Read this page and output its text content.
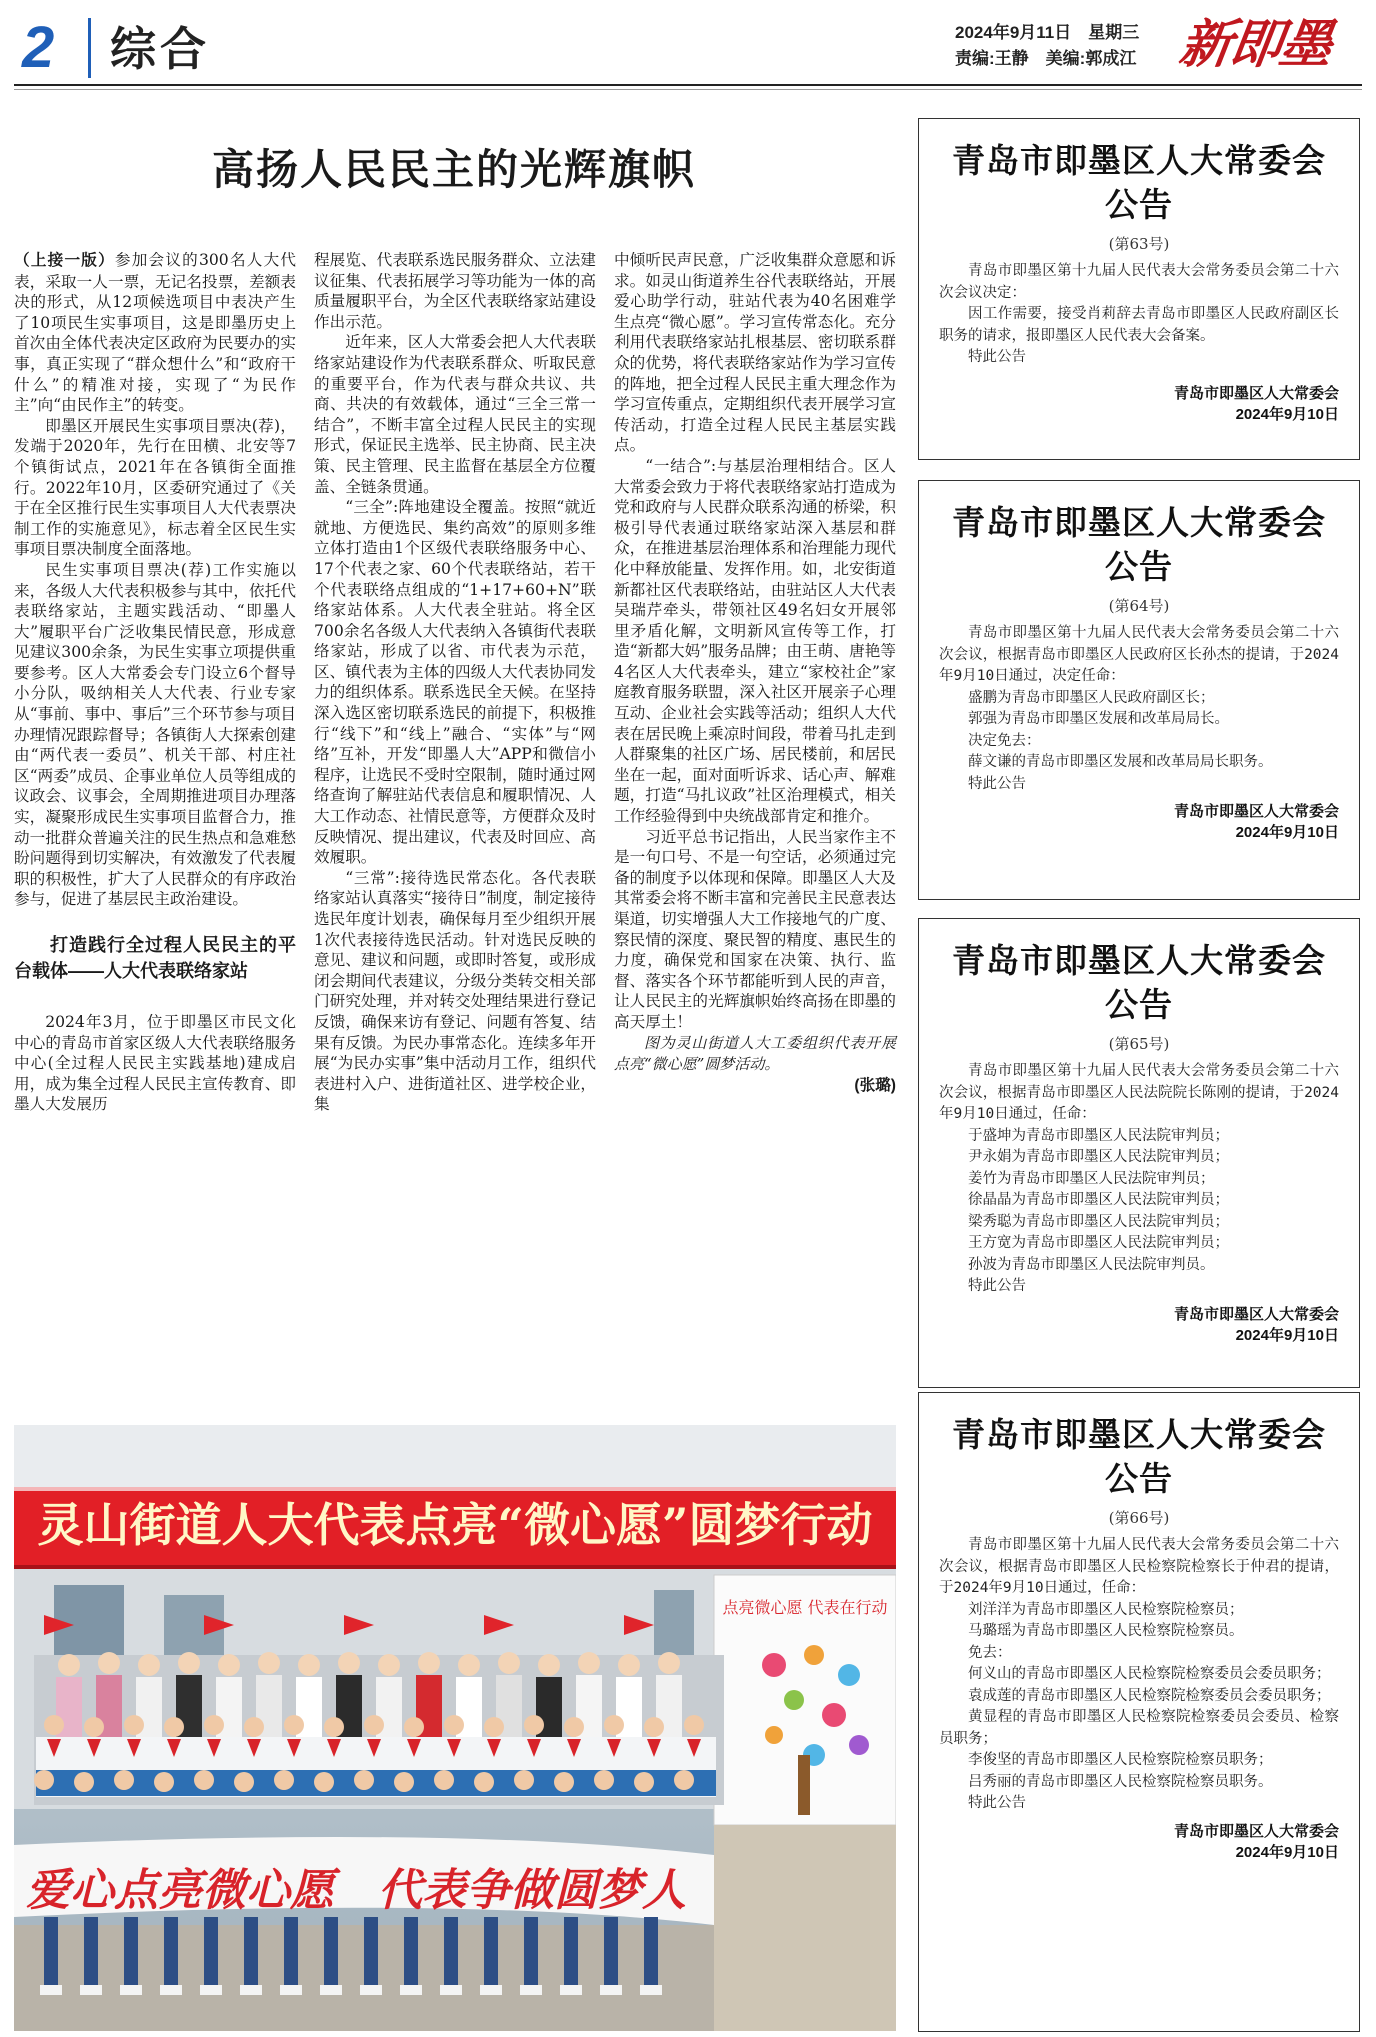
2 综合	2024年9月11日　星期三
责编:王静　美编:郭成江 新即墨
高扬人民民主的光辉旗帜

（上接一版）参加会议的300名人大代表，采取一人一票，无记名投票，差额表决的形式，从12项候选项目中表决产生了10项民生实事项目，这是即墨历史上首次由全体代表决定区政府为民要办的实事，真正实现了“群众想什么”和“政府干什么”的精准对接，实现了“为民作主”向“由民作主”的转变。

即墨区开展民生实事项目票决(荐)，发端于2020年，先行在田横、北安等7个镇街试点，2021年在各镇街全面推行。2022年10月，区委研究通过了《关于在全区推行民生实事项目人大代表票决制工作的实施意见》，标志着全区民生实事项目票决制度全面落地。

民生实事项目票决(荐)工作实施以来，各级人大代表积极参与其中，依托代表联络家站，主题实践活动、“即墨人大”履职平台广泛收集民情民意，形成意见建议300余条，为民生实事立项提供重要参考。区人大常委会专门设立6个督导小分队，吸纳相关人大代表、行业专家从“事前、事中、事后”三个环节参与项目办理情况跟踪督导；各镇街人大探索创建由“两代表一委员”、机关干部、村庄社区“两委”成员、企事业单位人员等组成的议政会、议事会，全周期推进项目办理落实，凝聚形成民生实事项目监督合力，推动一批群众普遍关注的民生热点和急难愁盼问题得到切实解决，有效激发了代表履职的积极性，扩大了人民群众的有序政治参与，促进了基层民主政治建设。

打造践行全过程人民民主的平台载体——人大代表联络家站

2024年3月，位于即墨区市民文化中心的青岛市首家区级人大代表联络服务中心(全过程人民民主实践基地)建成启用，成为集全过程人民民主宣传教育、即墨人大发展历

程展览、代表联系选民服务群众、立法建议征集、代表拓展学习等功能为一体的高质量履职平台，为全区代表联络家站建设作出示范。

近年来，区人大常委会把人大代表联络家站建设作为代表联系群众、听取民意的重要平台，作为代表与群众共议、共商、共决的有效载体，通过“三全三常一结合”，不断丰富全过程人民民主的实现形式，保证民主选举、民主协商、民主决策、民主管理、民主监督在基层全方位覆盖、全链条贯通。

“三全”:阵地建设全覆盖。按照“就近就地、方便选民、集约高效”的原则多维立体打造由1个区级代表联络服务中心、17个代表之家、60个代表联络站，若干个代表联络点组成的“1+17+60+N”联络家站体系。人大代表全驻站。将全区700余名各级人大代表纳入各镇街代表联络家站，形成了以省、市代表为示范，区、镇代表为主体的四级人大代表协同发力的组织体系。联系选民全天候。在坚持深入选区密切联系选民的前提下，积极推行“线下”和“线上”融合、“实体”与“网络”互补，开发“即墨人大”APP和微信小程序，让选民不受时空限制，随时通过网络查询了解驻站代表信息和履职情况、人大工作动态、社情民意等，方便群众及时反映情况、提出建议，代表及时回应、高效履职。

“三常”:接待选民常态化。各代表联络家站认真落实“接待日”制度，制定接待选民年度计划表，确保每月至少组织开展1次代表接待选民活动。针对选民反映的意见、建议和问题，或即时答复，或形成闭会期间代表建议，分级分类转交相关部门研究处理，并对转交处理结果进行登记反馈，确保来访有登记、问题有答复、结果有反馈。为民办事常态化。连续多年开展“为民办实事”集中活动月工作，组织代表进村入户、进街道社区、进学校企业，集

中倾听民声民意，广泛收集群众意愿和诉求。如灵山街道养生谷代表联络站，开展爱心助学行动，驻站代表为40名困难学生点亮“微心愿”。学习宣传常态化。充分利用代表联络家站扎根基层、密切联系群众的优势，将代表联络家站作为学习宣传的阵地，把全过程人民民主重大理念作为学习宣传重点，定期组织代表开展学习宣传活动，打造全过程人民民主基层实践点。

“一结合”:与基层治理相结合。区人大常委会致力于将代表联络家站打造成为党和政府与人民群众联系沟通的桥梁，积极引导代表通过联络家站深入基层和群众，在推进基层治理体系和治理能力现代化中释放能量、发挥作用。如，北安街道新都社区代表联络站，由驻站区人大代表吴瑞芹牵头，带领社区49名妇女开展邻里矛盾化解，文明新风宣传等工作，打造“新都大妈”服务品牌；由王萌、唐艳等4名区人大代表牵头，建立“家校社企”家庭教育服务联盟，深入社区开展亲子心理互动、企业社会实践等活动；组织人大代表在居民晚上乘凉时间段，带着马扎走到人群聚集的社区广场、居民楼前，和居民坐在一起，面对面听诉求、话心声、解难题，打造“马扎议政”社区治理模式，相关工作经验得到中央统战部肯定和推介。

习近平总书记指出，人民当家作主不是一句口号、不是一句空话，必须通过完备的制度予以体现和保障。即墨区人大及其常委会将不断丰富和完善民主民意表达渠道，切实增强人大工作接地气的广度、察民情的深度、聚民智的精度、惠民生的力度，确保党和国家在决策、执行、监督、落实各个环节都能听到人民的声音，让人民民主的光辉旗帜始终高扬在即墨的高天厚土！

图为灵山街道人大工委组织代表开展点亮“微心愿”圆梦活动。

(张璐)
灵山街道人大代表点亮“微心愿”圆梦行动
点亮微心愿 代表在行动
爱心点亮微心愿　代表争做圆梦人
青岛市即墨区人大常委会公告
(第63号)

青岛市即墨区第十九届人民代表大会常务委员会第二十六次会议决定：

因工作需要，接受肖莉辞去青岛市即墨区人民政府副区长职务的请求，报即墨区人民代表大会备案。

特此公告

青岛市即墨区人大常委会
2024年9月10日
青岛市即墨区人大常委会公告
(第64号)

青岛市即墨区第十九届人民代表大会常务委员会第二十六次会议，根据青岛市即墨区人民政府区长孙杰的提请，于2024年9月10日通过，决定任命：

盛鹏为青岛市即墨区人民政府副区长；

郭强为青岛市即墨区发展和改革局局长。

决定免去：

薛文谦的青岛市即墨区发展和改革局局长职务。

特此公告

青岛市即墨区人大常委会
2024年9月10日
青岛市即墨区人大常委会公告
(第65号)

青岛市即墨区第十九届人民代表大会常务委员会第二十六次会议，根据青岛市即墨区人民法院院长陈刚的提请，于2024年9月10日通过，任命：

于盛坤为青岛市即墨区人民法院审判员；

尹永娟为青岛市即墨区人民法院审判员；

姜竹为青岛市即墨区人民法院审判员；

徐晶晶为青岛市即墨区人民法院审判员；

梁秀聪为青岛市即墨区人民法院审判员；

王方宽为青岛市即墨区人民法院审判员；

孙波为青岛市即墨区人民法院审判员。

特此公告

青岛市即墨区人大常委会
2024年9月10日
青岛市即墨区人大常委会公告
(第66号)

青岛市即墨区第十九届人民代表大会常务委员会第二十六次会议，根据青岛市即墨区人民检察院检察长于仲君的提请，于2024年9月10日通过，任命：

刘洋洋为青岛市即墨区人民检察院检察员；

马璐瑶为青岛市即墨区人民检察院检察员。

免去：

何义山的青岛市即墨区人民检察院检察委员会委员职务；

袁成莲的青岛市即墨区人民检察院检察委员会委员职务；

黄显程的青岛市即墨区人民检察院检察委员会委员、检察员职务；

李俊坚的青岛市即墨区人民检察院检察员职务；

吕秀丽的青岛市即墨区人民检察院检察员职务。

特此公告

青岛市即墨区人大常委会
2024年9月10日
